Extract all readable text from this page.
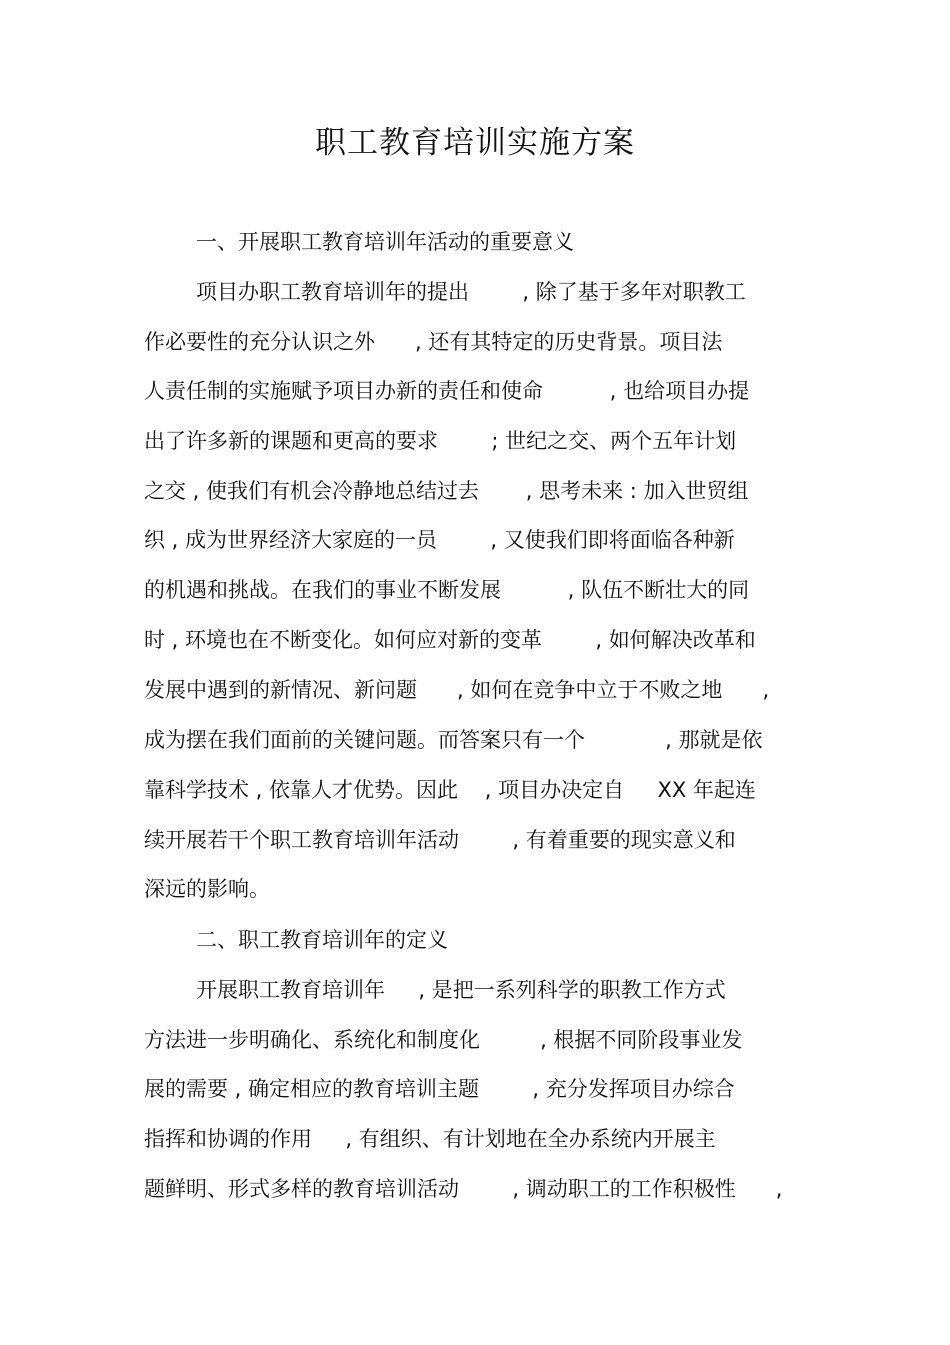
职工教育培训实施方案

一、开展职工教育培训年活动的重要意义

项目办职工教育培训年的提出        , 除了基于多年对职教工

作必要性的充分认识之外      , 还有其特定的历史背景。项目法

人责任制的实施赋予项目办新的责任和使命          , 也给项目办提

出了许多新的课题和更高的要求        ; 世纪之交、两个五年计划

之交 , 使我们有机会冷静地总结过去       , 思考未来 : 加入世贸组

织 , 成为世界经济大家庭的一员        , 又使我们即将面临各种新

的机遇和挑战。在我们的事业不断发展          , 队伍不断壮大的同

时 , 环境也在不断变化。如何应对新的变革        , 如何解决改革和

发展中遇到的新情况、新问题      , 如何在竞争中立于不败之地      ,

成为摆在我们面前的关键问题。而答案只有一个            , 那就是依

靠科学技术 , 依靠人才优势。因此    , 项目办决定自     XX 年起连

续开展若干个职工教育培训年活动        , 有着重要的现实意义和

深远的影响。

二、职工教育培训年的定义

开展职工教育培训年     , 是把一系列科学的职教工作方式

方法进一步明确化、系统化和制度化         , 根据不同阶段事业发

展的需要 , 确定相应的教育培训主题        , 充分发挥项目办综合

指挥和协调的作用     , 有组织、有计划地在全办系统内开展主

题鲜明、形式多样的教育培训活动        , 调动职工的工作积极性      ,
